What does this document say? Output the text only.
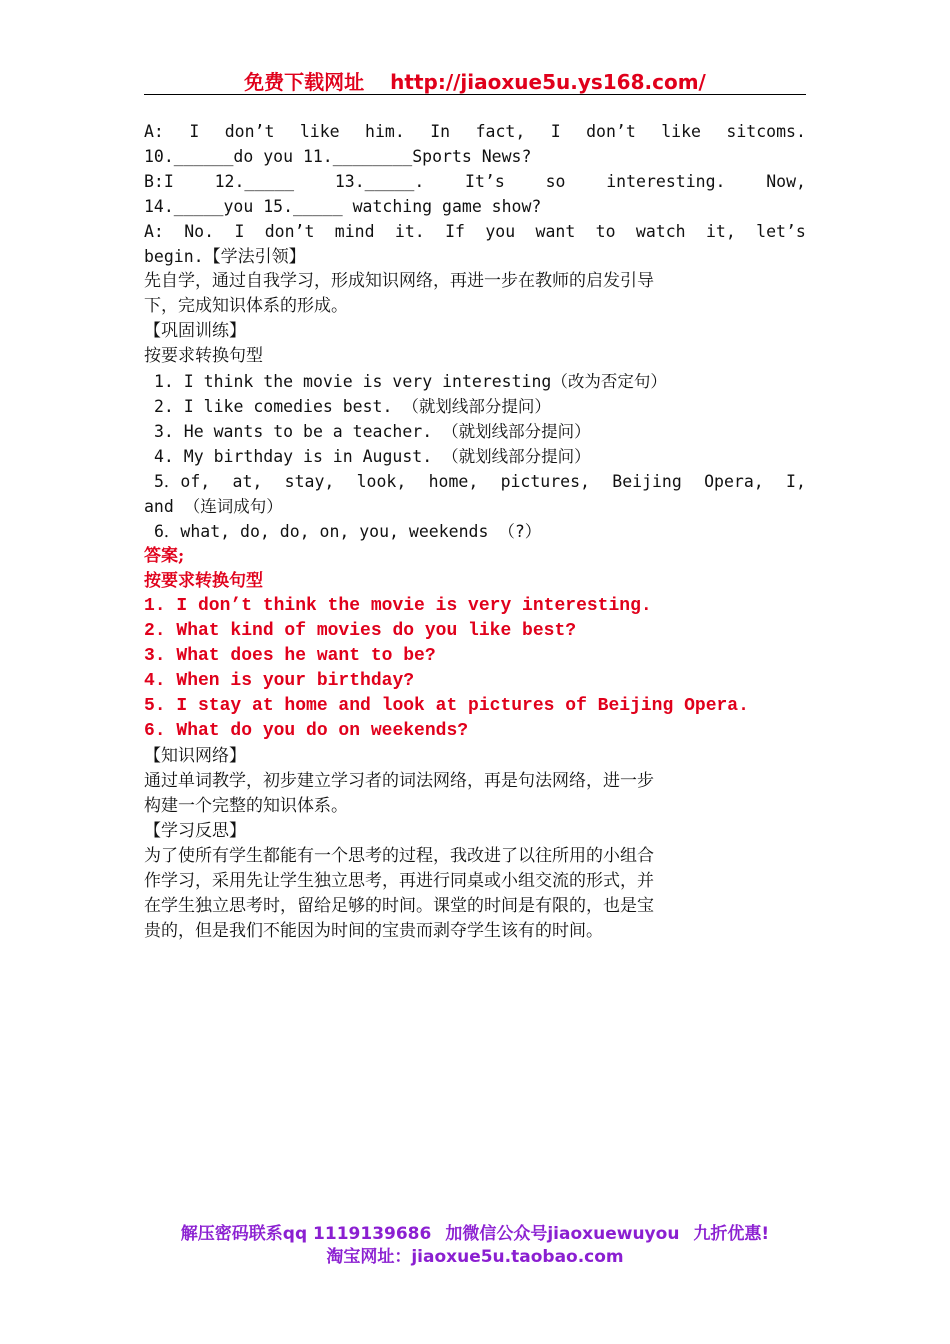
免费下载网址 http://jiaoxue5u.ys168.com/
A: I don’t like him. In fact, I don’t like sitcoms.
10.______do you 11.________Sports News?
B:I 12._____ 13._____. It’s so interesting. Now,
14._____you 15._____ watching game show?
A: No. I don’t mind it. If you want to watch it, let’s
begin.【学法引领】
先自学，通过自我学习，形成知识网络，再进一步在教师的启发引导
下，完成知识体系的形成。
【巩固训练】
按要求转换句型
1. I think the movie is very interesting（改为否定句）
2. I like comedies best. （就划线部分提问）
3. He wants to be a teacher. （就划线部分提问）
4. My birthday is in August. （就划线部分提问）
5．of, at, stay, look, home, pictures, Beijing Opera, I,
and （连词成句）
6．what, do, do, on, you, weekends （?）
答案;
按要求转换句型
1. I don’t think the movie is very interesting.
2. What kind of movies do you like best?
3. What does he want to be?
4. When is your birthday?
5. I stay at home and look at pictures of Beijing Opera.
6. What do you do on weekends?
【知识网络】
通过单词教学，初步建立学习者的词法网络，再是句法网络，进一步
构建一个完整的知识体系。
【学习反思】
为了使所有学生都能有一个思考的过程，我改进了以往所用的小组合
作学习，采用先让学生独立思考，再进行同桌或小组交流的形式，并
在学生独立思考时，留给足够的时间。课堂的时间是有限的，也是宝
贵的，但是我们不能因为时间的宝贵而剥夺学生该有的时间。
解压密码联系qq 1119139686 加微信公众号jiaoxuewuyou 九折优惠!
淘宝网址：jiaoxue5u.taobao.com
